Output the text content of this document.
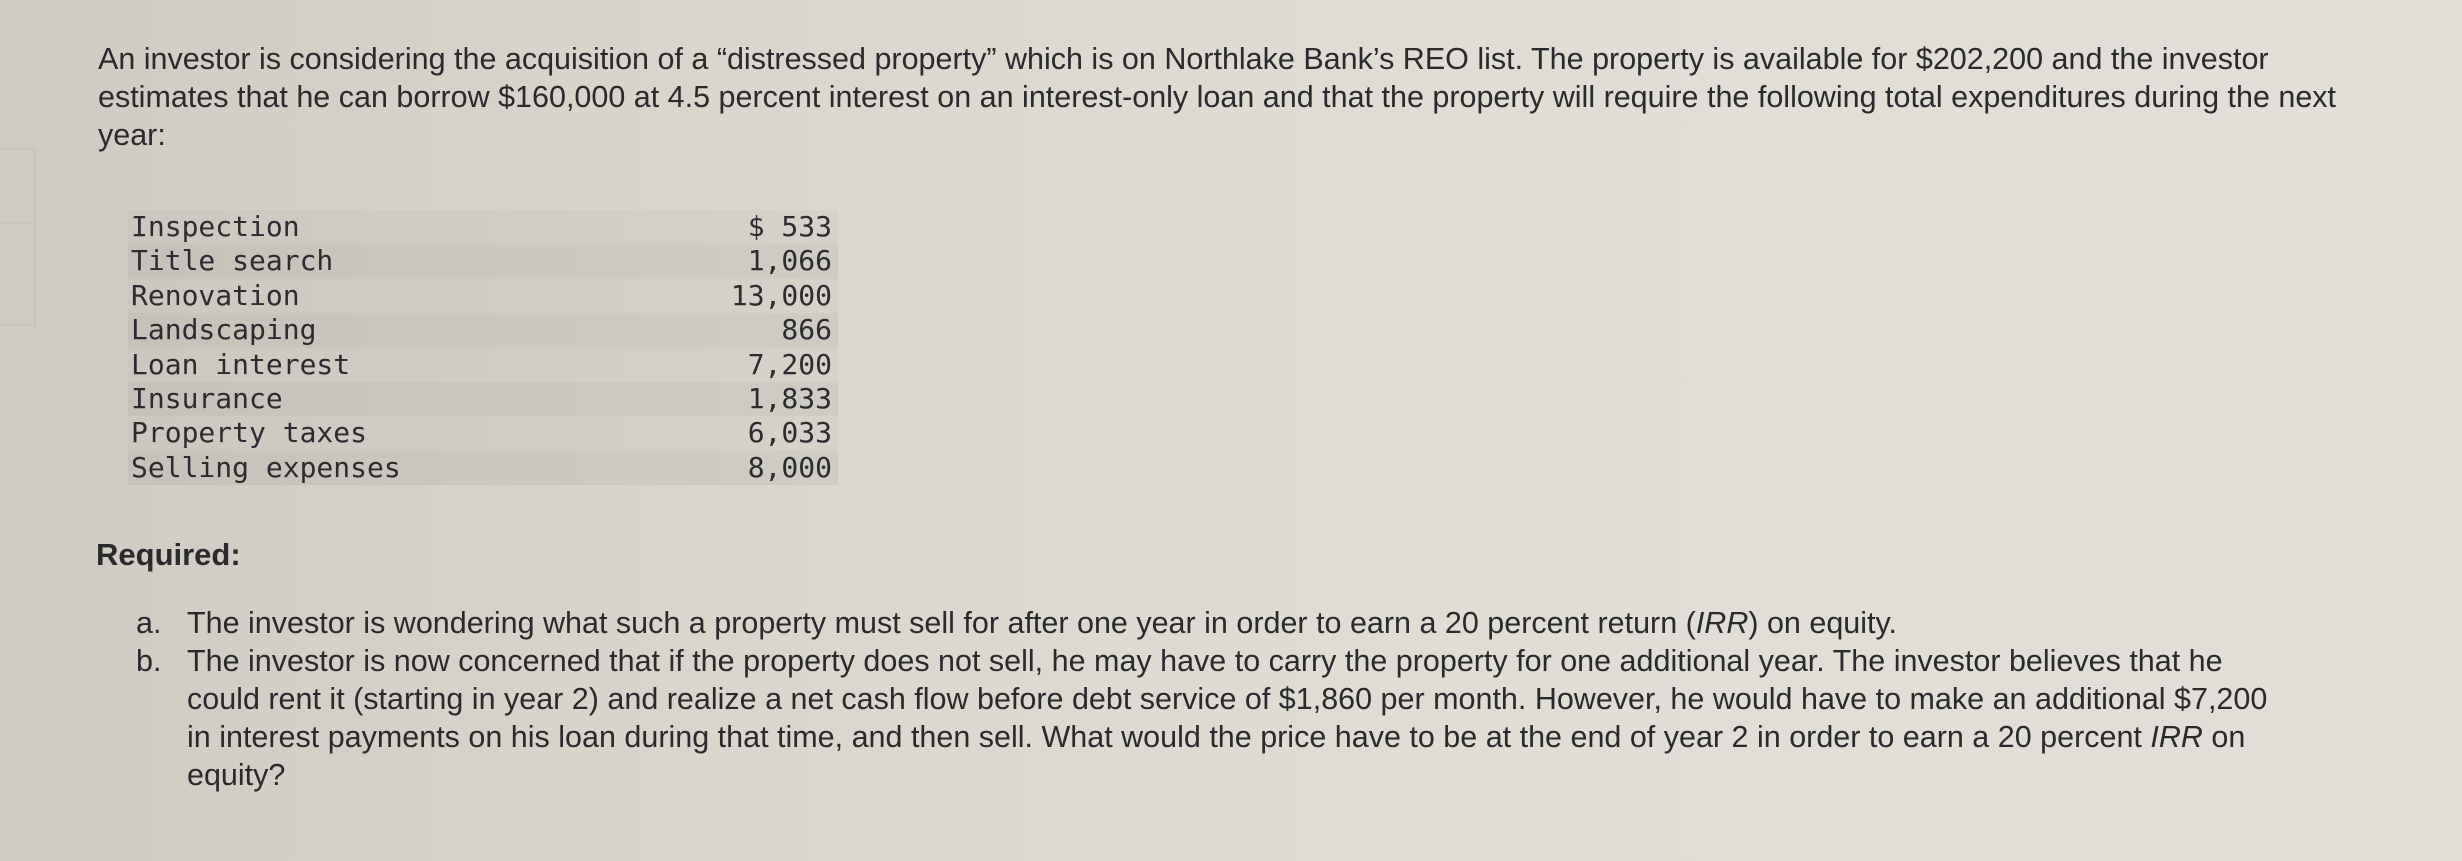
An investor is considering the acquisition of a “distressed property” which is on Northlake Bank’s REO list. The property is available for $202,200 and the investor estimates that he can borrow $160,000 at 4.5 percent interest on an interest-only loan and that the property will require the following total expenditures during the next year:

Inspection	$ 533
Title search	1,066
Renovation	13,000
Landscaping	866
Loan interest	7,200
Insurance	1,833
Property taxes	6,033
Selling expenses	8,000

Required:

a. The investor is wondering what such a property must sell for after one year in order to earn a 20 percent return (IRR) on equity.
b. The investor is now concerned that if the property does not sell, he may have to carry the property for one additional year. The investor believes that he could rent it (starting in year 2) and realize a net cash flow before debt service of $1,860 per month. However, he would have to make an additional $7,200 in interest payments on his loan during that time, and then sell. What would the price have to be at the end of year 2 in order to earn a 20 percent IRR on equity?
